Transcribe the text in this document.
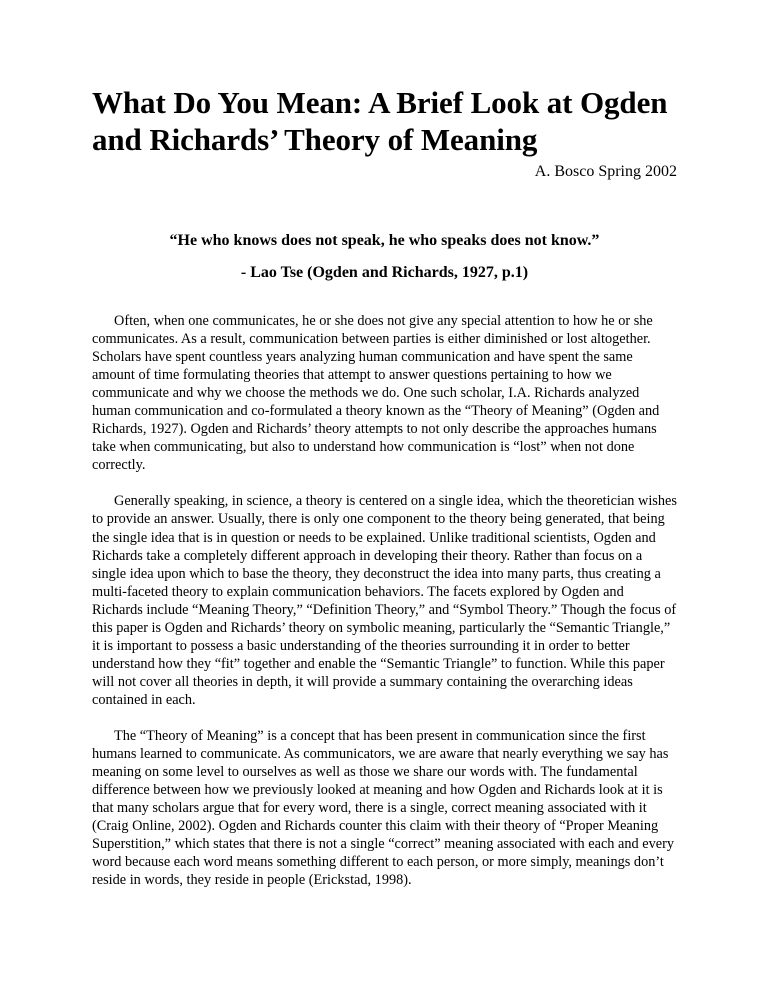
What Do You Mean: A Brief Look at Ogden and Richards’ Theory of Meaning
A. Bosco Spring 2002
“He who knows does not speak, he who speaks does not know.”
- Lao Tse (Ogden and Richards, 1927, p.1)

Often, when one communicates, he or she does not give any special attention to how he or she communicates. As a result, communication between parties is either diminished or lost altogether. Scholars have spent countless years analyzing human communication and have spent the same amount of time formulating theories that attempt to answer questions pertaining to how we communicate and why we choose the methods we do. One such scholar, I.A. Richards analyzed human communication and co-formulated a theory known as the “Theory of Meaning” (Ogden and Richards, 1927). Ogden and Richards’ theory attempts to not only describe the approaches humans take when communicating, but also to understand how communication is “lost” when not done correctly.

Generally speaking, in science, a theory is centered on a single idea, which the theoretician wishes to provide an answer. Usually, there is only one component to the theory being generated, that being the single idea that is in question or needs to be explained. Unlike traditional scientists, Ogden and Richards take a completely different approach in developing their theory. Rather than focus on a single idea upon which to base the theory, they deconstruct the idea into many parts, thus creating a multi-faceted theory to explain communication behaviors. The facets explored by Ogden and Richards include “Meaning Theory,” “Definition Theory,” and “Symbol Theory.” Though the focus of this paper is Ogden and Richards’ theory on symbolic meaning, particularly the “Semantic Triangle,” it is important to possess a basic understanding of the theories surrounding it in order to better understand how they “fit” together and enable the “Semantic Triangle” to function. While this paper will not cover all theories in depth, it will provide a summary containing the overarching ideas contained in each.

The “Theory of Meaning” is a concept that has been present in communication since the first humans learned to communicate. As communicators, we are aware that nearly everything we say has meaning on some level to ourselves as well as those we share our words with. The fundamental difference between how we previously looked at meaning and how Ogden and Richards look at it is that many scholars argue that for every word, there is a single, correct meaning associated with it (Craig Online, 2002). Ogden and Richards counter this claim with their theory of “Proper Meaning Superstition,” which states that there is not a single “correct” meaning associated with each and every word because each word means something different to each person, or more simply, meanings don’t reside in words, they reside in people (Erickstad, 1998).
